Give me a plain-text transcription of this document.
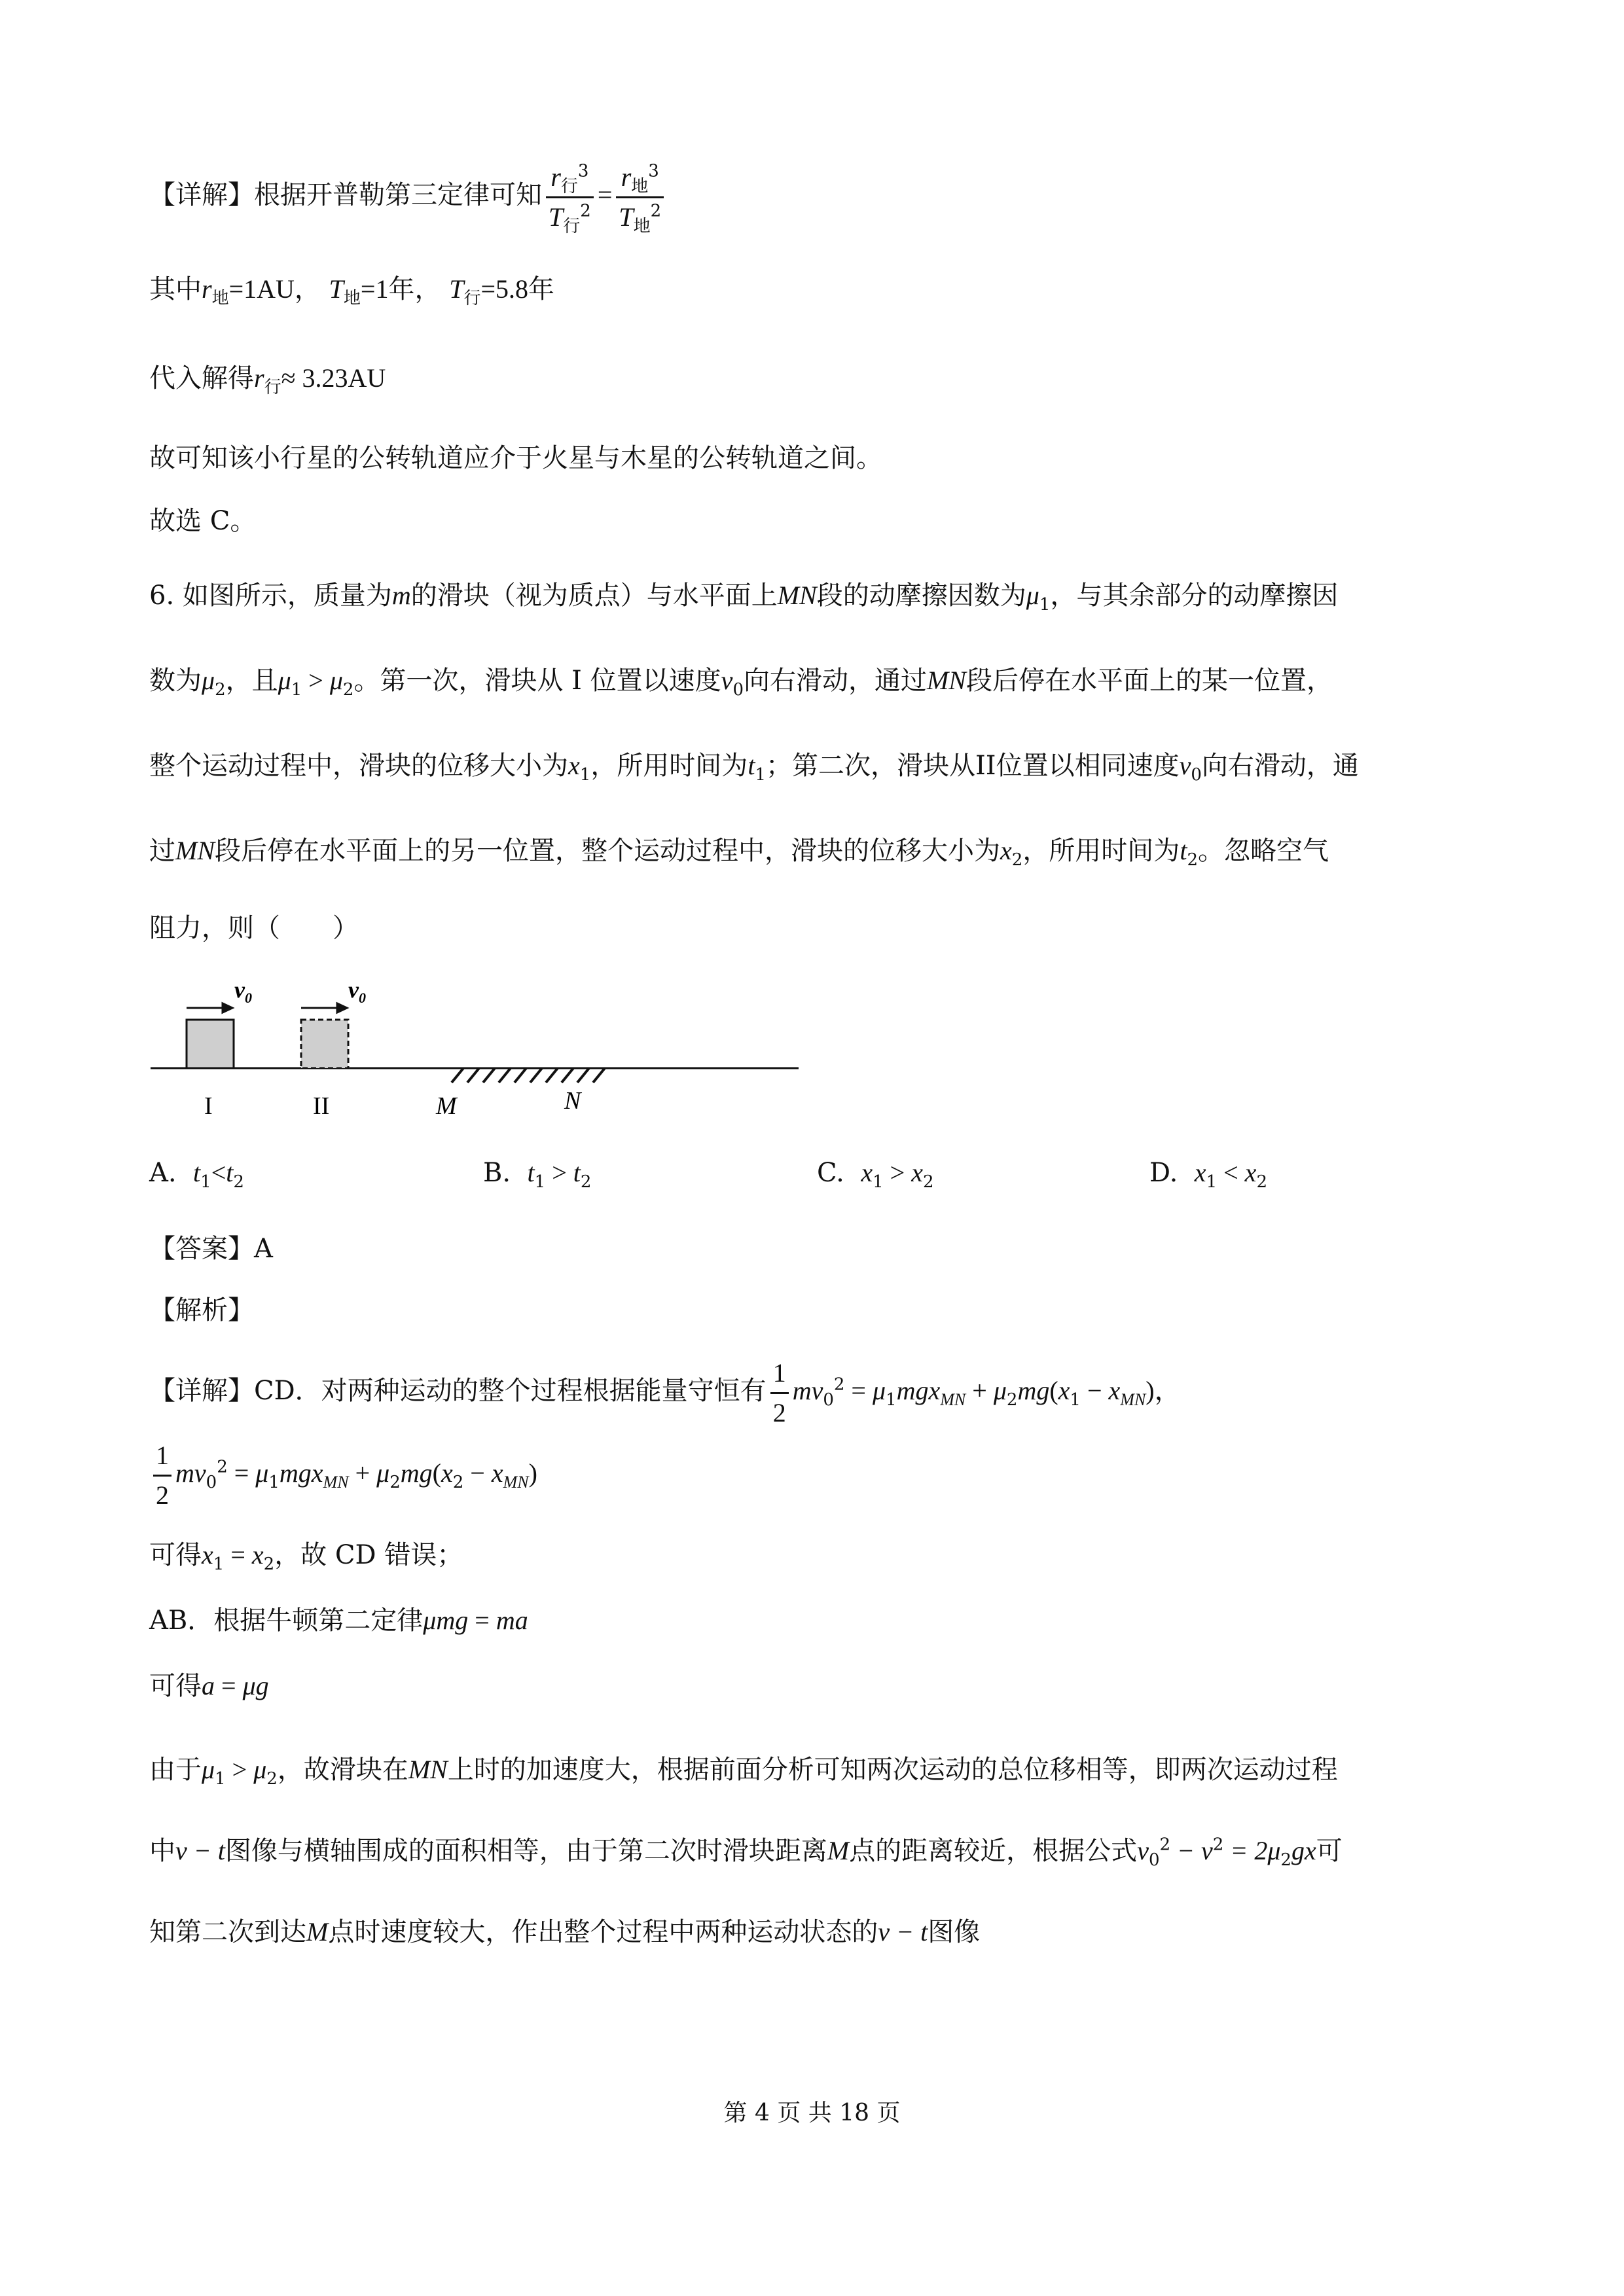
【详解】根据开普勒第三定律可知 $\frac{r_行^3}{T_行^2} = \frac{r_地^3}{T_地^2}$
其中$r_地=1AU$， $T_地=1$年， $T_行=5.8$年
代入解得$r_行\approx 3.23AU$
故可知该小行星的公转轨道应介于火星与木星的公转轨道之间。
故选 C。
6. 如图所示，质量为m的滑块（视为质点）与水平面上MN段的动摩擦因数为$\mu_1$，与其余部分的动摩擦因
数为$\mu_2$，且$\mu_1 > \mu_2$。第一次，滑块从 I 位置以速度$v_0$向右滑动，通过MN段后停在水平面上的某一位置，
整个运动过程中，滑块的位移大小为$x_1$，所用时间为$t_1$；第二次，滑块从II位置以相同速度$v_0$向右滑动，通
过MN段后停在水平面上的另一位置，整个运动过程中，滑块的位移大小为$x_2$，所用时间为$t_2$。忽略空气
阻力，则（　　）
$v_0$	$v_0$
I	II	M	N
A. $t_1<t_2$	B. $t_1 > t_2$	C. $x_1 > x_2$	D. $x_1 < x_2$
【答案】A
【解析】
【详解】CD．对两种运动的整个过程根据能量守恒有 $\frac{1}{2} mv_0^2 = \mu_1mgx_{MN} + \mu_2mg(x_1 - x_{MN})$，
$\frac{1}{2} mv_0^2 = \mu_1mgx_{MN} + \mu_2mg(x_2 - x_{MN})$
可得$x_1 = x_2$，故 CD 错误；
AB．根据牛顿第二定律μmg = ma
可得a = μg
由于$\mu_1 > \mu_2$，故滑块在MN上时的加速度大，根据前面分析可知两次运动的总位移相等，即两次运动过程
中v − t图像与横轴围成的面积相等，由于第二次时滑块距离M点的距离较近，根据公式$v_0^2 - v^2 = 2\mu_2gx$可
知第二次到达M点时速度较大，作出整个过程中两种运动状态的v − t图像
第 4 页 共 18 页
